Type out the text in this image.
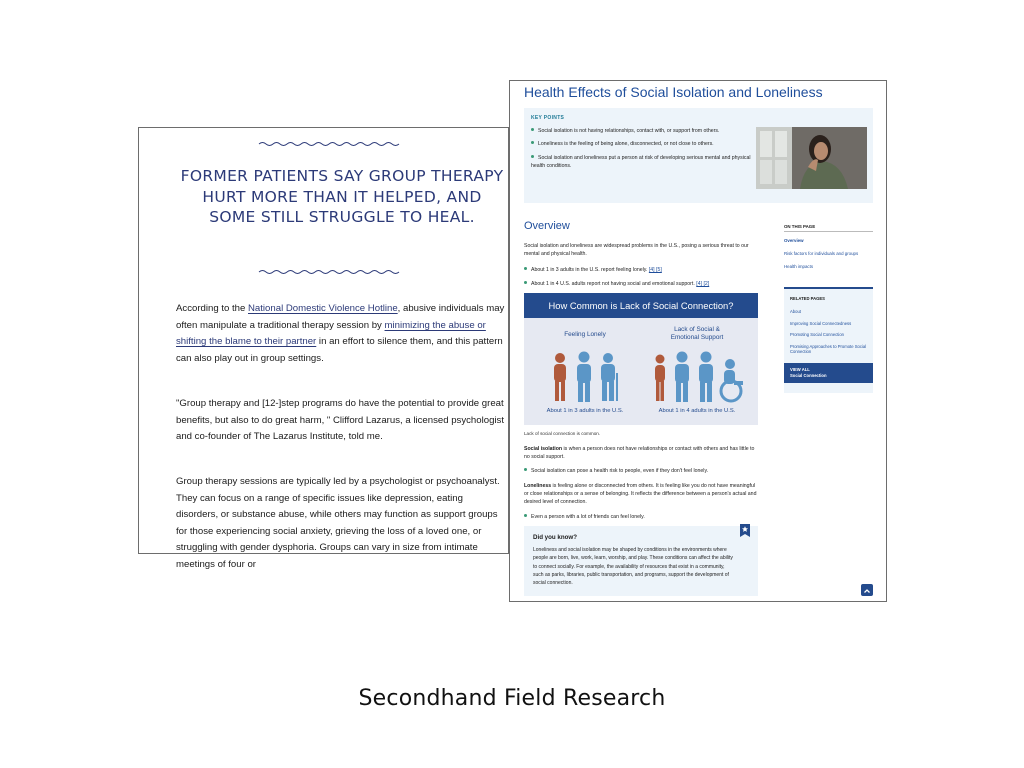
FORMER PATIENTS SAY GROUP THERAPY HURT MORE THAN IT HELPED, AND SOME STILL STRUGGLE TO HEAL.

According to the National Domestic Violence Hotline, abusive individuals may often manipulate a traditional therapy session by minimizing the abuse or shifting the blame to their partner in an effort to silence them, and this pattern can also play out in group settings.

"Group therapy and [12-]step programs do have the potential to provide great benefits, but also to do great harm, " Clifford Lazarus, a licensed psychologist and co-founder of The Lazarus Institute, told me.

Group therapy sessions are typically led by a psychologist or psychoanalyst. They can focus on a range of specific issues like depression, eating disorders, or substance abuse, while others may function as support groups for those experiencing social anxiety, grieving the loss of a loved one, or struggling with gender dysphoria. Groups can vary in size from intimate meetings of four or

Health Effects of Social Isolation and Loneliness
KEY POINTS
Social isolation is not having relationships, contact with, or support from others.
Loneliness is the feeling of being alone, disconnected, or not close to others.
Social isolation and loneliness put a person at risk of developing serious mental and physical health conditions.
Overview

Social isolation and loneliness are widespread problems in the U.S., posing a serious threat to our mental and physical health.

About 1 in 3 adults in the U.S. report feeling lonely. [4] [5]
About 1 in 4 U.S. adults report not having social and emotional support. [4] [2]
How Common is Lack of Social Connection?
Feeling Lonely
Lack of Social &
Emotional Support
About 1 in 3 adults in the U.S.	About 1 in 4 adults in the U.S.
Lack of social connection is common.

Social isolation is when a person does not have relationships or contact with others and has little to no social support.

Social isolation can pose a health risk to people, even if they don't feel lonely.

Loneliness is feeling alone or disconnected from others. It is feeling like you do not have meaningful or close relationships or a sense of belonging. It reflects the difference between a person's actual and desired level of connection.

Even a person with a lot of friends can feel lonely.
Did you know?

Loneliness and social isolation may be shaped by conditions in the environments where people are born, live, work, learn, worship, and play. These conditions can affect the ability to connect socially. For example, the availability of resources that exist in a community, such as parks, libraries, public transportation, and programs, support the development of social connection.

ON THIS PAGE
Overview
Risk factors for individuals and groups
Health impacts
RELATED PAGES
About
Improving Social Connectedness
Promoting Social Connection
Promising Approaches to Promote Social Connection
VIEW ALL
Social Connection
Secondhand Field Research
